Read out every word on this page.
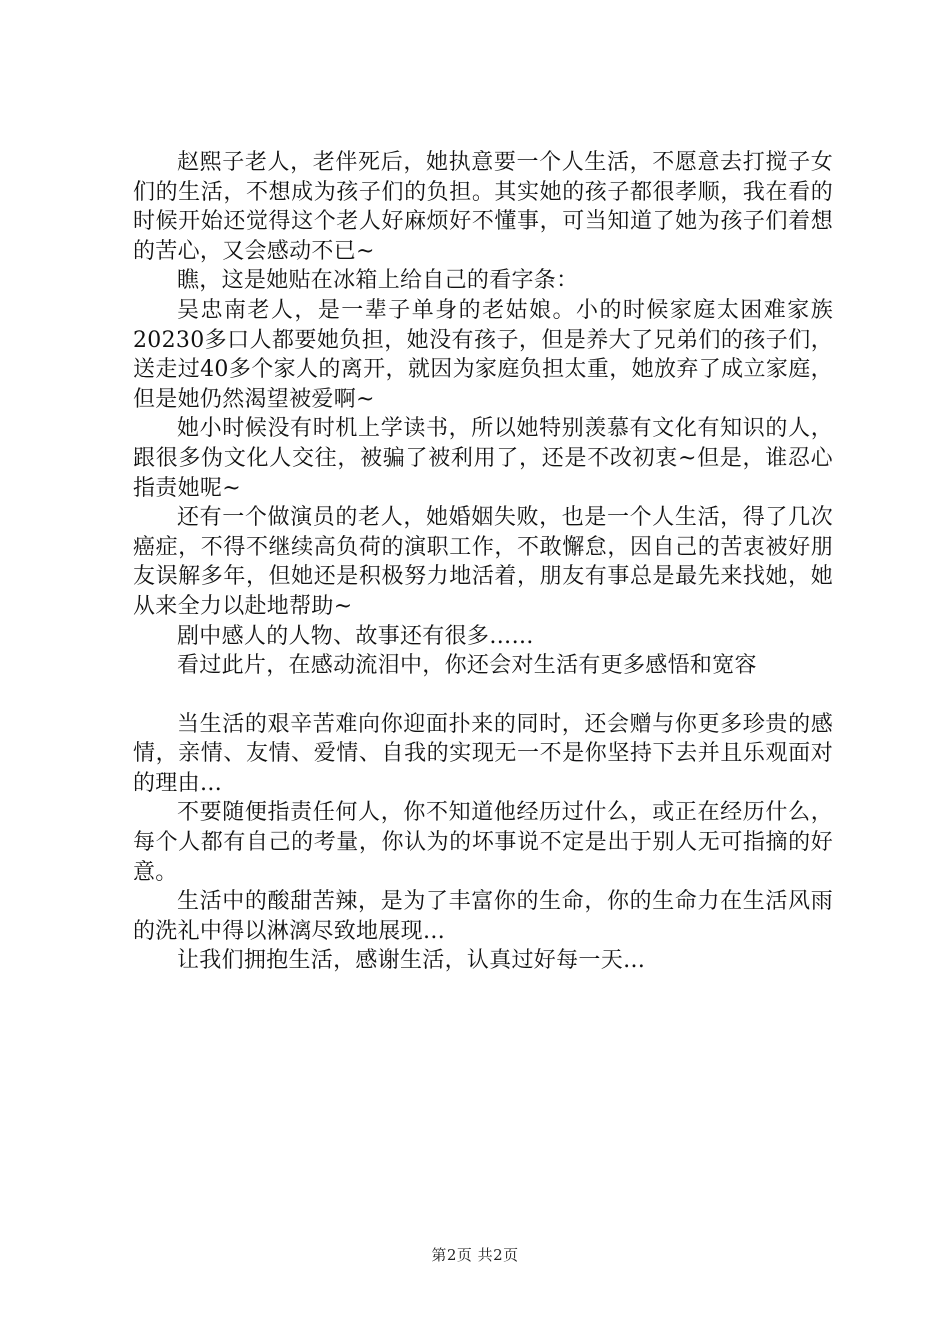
赵熙子老人，老伴死后，她执意要一个人生活，不愿意去打搅子女们的生活，不想成为孩子们的负担。其实她的孩子都很孝顺，我在看的时候开始还觉得这个老人好麻烦好不懂事，可当知道了她为孩子们着想的苦心，又会感动不已~

瞧，这是她贴在冰箱上给自己的看字条：

吴忠南老人，是一辈子单身的老姑娘。小的时候家庭太困难家族20230多口人都要她负担，她没有孩子，但是养大了兄弟们的孩子们，送走过40多个家人的离开，就因为家庭负担太重，她放弃了成立家庭，但是她仍然渴望被爱啊~

她小时候没有时机上学读书，所以她特别羡慕有文化有知识的人，跟很多伪文化人交往，被骗了被利用了，还是不改初衷~但是，谁忍心指责她呢~

还有一个做演员的老人，她婚姻失败，也是一个人生活，得了几次癌症，不得不继续高负荷的演职工作，不敢懈怠，因自己的苦衷被好朋友误解多年，但她还是积极努力地活着，朋友有事总是最先来找她，她从来全力以赴地帮助~

剧中感人的人物、故事还有很多……

看过此片，在感动流泪中，你还会对生活有更多感悟和宽容

当生活的艰辛苦难向你迎面扑来的同时，还会赠与你更多珍贵的感情，亲情、友情、爱情、自我的实现无一不是你坚持下去并且乐观面对的理由…

不要随便指责任何人，你不知道他经历过什么，或正在经历什么，每个人都有自己的考量，你认为的坏事说不定是出于别人无可指摘的好意。

生活中的酸甜苦辣，是为了丰富你的生命，你的生命力在生活风雨的洗礼中得以淋漓尽致地展现…

让我们拥抱生活，感谢生活，认真过好每一天…

第2页 共2页
